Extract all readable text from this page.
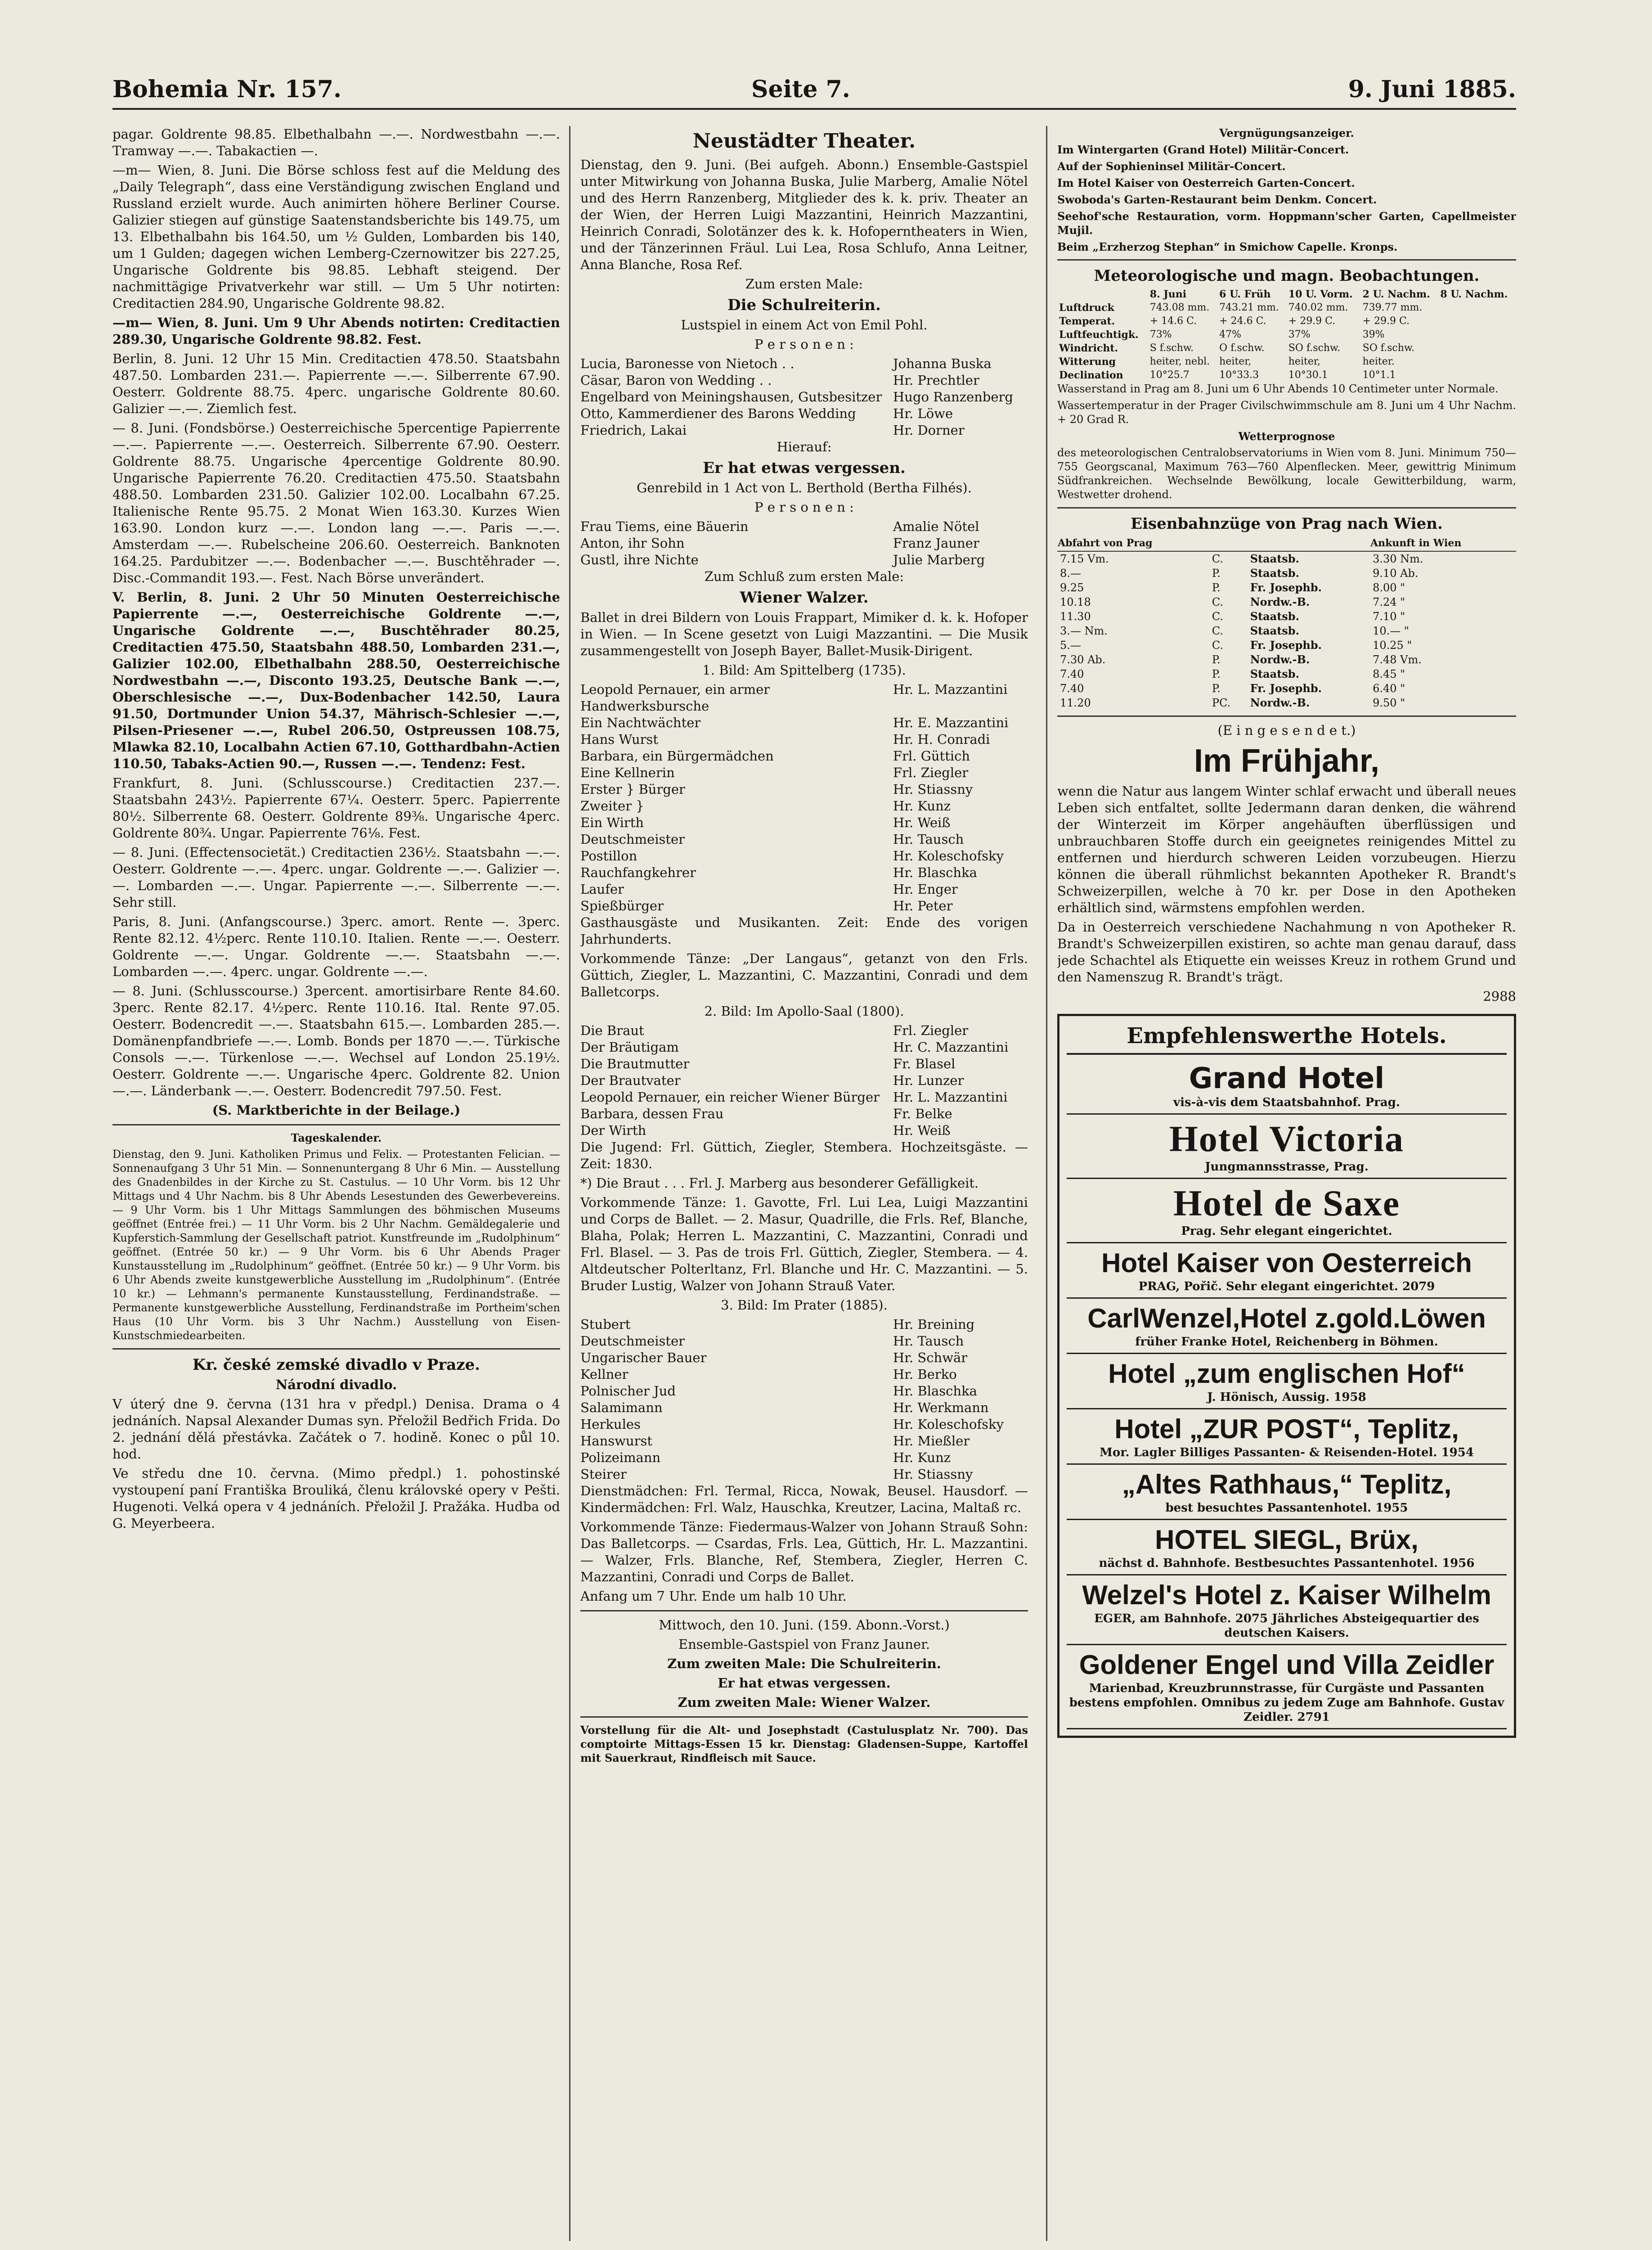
Bohemia Nr. 157.	Seite 7.	9. Juni 1885.

pagar. Goldrente 98.85. Elbethalbahn —.—. Nordwestbahn —.—. Tramway —.—. Tabakactien —.

—m— Wien, 8. Juni. Die Börse schloss fest auf die Meldung des „Daily Telegraph“, dass eine Verständigung zwischen England und Russland erzielt wurde. Auch animirten höhere Berliner Course. Galizier stiegen auf günstige Saatenstandsberichte bis 149.75, um 13. Elbethalbahn bis 164.50, um ½ Gulden, Lombarden bis 140, um 1 Gulden; dagegen wichen Lemberg-Czernowitzer bis 227.25, Ungarische Goldrente bis 98.85. Lebhaft steigend. Der nachmittägige Privatverkehr war still. — Um 5 Uhr notirten: Creditactien 284.90, Ungarische Goldrente 98.82.

—m— Wien, 8. Juni. Um 9 Uhr Abends notirten: Creditactien 289.30, Ungarische Goldrente 98.82. Fest.

Berlin, 8. Juni. 12 Uhr 15 Min. Creditactien 478.50. Staatsbahn 487.50. Lombarden 231.—. Papierrente —.—. Silberrente 67.90. Oesterr. Goldrente 88.75. 4perc. ungarische Goldrente 80.60. Galizier —.—. Ziemlich fest.

— 8. Juni. (Fondsbörse.) Oesterreichische 5percentige Papierrente —.—. Papierrente —.—. Oesterreich. Silberrente 67.90. Oesterr. Goldrente 88.75. Ungarische 4percentige Goldrente 80.90. Ungarische Papierrente 76.20. Creditactien 475.50. Staatsbahn 488.50. Lombarden 231.50. Galizier 102.00. Localbahn 67.25. Italienische Rente 95.75. 2 Monat Wien 163.30. Kurzes Wien 163.90. London kurz —.—. London lang —.—. Paris —.—. Amsterdam —.—. Rubelscheine 206.60. Oesterreich. Banknoten 164.25. Pardubitzer —.—. Bodenbacher —.—. Buschtěhrader —. Disc.-Commandit 193.—. Fest. Nach Börse unverändert.

V. Berlin, 8. Juni. 2 Uhr 50 Minuten Oesterreichische Papierrente —.—, Oesterreichische Goldrente —.—, Ungarische Goldrente —.—, Buschtěhrader 80.25, Creditactien 475.50, Staatsbahn 488.50, Lombarden 231.—, Galizier 102.00, Elbethalbahn 288.50, Oesterreichische Nordwestbahn —.—, Disconto 193.25, Deutsche Bank —.—, Oberschlesische —.—, Dux-Bodenbacher 142.50, Laura 91.50, Dortmunder Union 54.37, Mährisch-Schlesier —.—, Pilsen-Priesener —.—, Rubel 206.50, Ostpreussen 108.75, Mlawka 82.10, Localbahn Actien 67.10, Gotthardbahn-Actien 110.50, Tabaks-Actien 90.—, Russen —.—. Tendenz: Fest.

Frankfurt, 8. Juni. (Schlusscourse.) Creditactien 237.—. Staatsbahn 243½. Papierrente 67¼. Oesterr. 5perc. Papierrente 80½. Silberrente 68. Oesterr. Goldrente 89⅜. Ungarische 4perc. Goldrente 80¾. Ungar. Papierrente 76⅛. Fest.

— 8. Juni. (Effectensocietät.) Creditactien 236½. Staatsbahn —.—. Oesterr. Goldrente —.—. 4perc. ungar. Goldrente —.—. Galizier —.—. Lombarden —.—. Ungar. Papierrente —.—. Silberrente —.—. Sehr still.

Paris, 8. Juni. (Anfangscourse.) 3perc. amort. Rente —. 3perc. Rente 82.12. 4½perc. Rente 110.10. Italien. Rente —.—. Oesterr. Goldrente —.—. Ungar. Goldrente —.—. Staatsbahn —.—. Lombarden —.—. 4perc. ungar. Goldrente —.—.

— 8. Juni. (Schlusscourse.) 3percent. amortisirbare Rente 84.60. 3perc. Rente 82.17. 4½perc. Rente 110.16. Ital. Rente 97.05. Oesterr. Bodencredit —.—. Staatsbahn 615.—. Lombarden 285.—. Domänenpfandbriefe —.—. Lomb. Bonds per 1870 —.—. Türkische Consols —.—. Türkenlose —.—. Wechsel auf London 25.19½. Oesterr. Goldrente —.—. Ungarische 4perc. Goldrente 82. Union —.—. Länderbank —.—. Oesterr. Bodencredit 797.50. Fest.

(S. Marktberichte in der Beilage.)

Tageskalender.

Dienstag, den 9. Juni. Katholiken Primus und Felix. — Protestanten Felician. — Sonnenaufgang 3 Uhr 51 Min. — Sonnenuntergang 8 Uhr 6 Min. — Ausstellung des Gnadenbildes in der Kirche zu St. Castulus. — 10 Uhr Vorm. bis 12 Uhr Mittags und 4 Uhr Nachm. bis 8 Uhr Abends Lesestunden des Gewerbevereins. — 9 Uhr Vorm. bis 1 Uhr Mittags Sammlungen des böhmischen Museums geöffnet (Entrée frei.) — 11 Uhr Vorm. bis 2 Uhr Nachm. Gemäldegalerie und Kupferstich-Sammlung der Gesellschaft patriot. Kunstfreunde im „Rudolphinum“ geöffnet. (Entrée 50 kr.) — 9 Uhr Vorm. bis 6 Uhr Abends Prager Kunstausstellung im „Rudolphinum“ geöffnet. (Entrée 50 kr.) — 9 Uhr Vorm. bis 6 Uhr Abends zweite kunstgewerbliche Ausstellung im „Rudolphinum“. (Entrée 10 kr.) — Lehmann's permanente Kunstausstellung, Ferdinandstraße. — Permanente kunstgewerbliche Ausstellung, Ferdinandstraße im Portheim'schen Haus (10 Uhr Vorm. bis 3 Uhr Nachm.) Ausstellung von Eisen-Kunstschmiedearbeiten.

Kr. české zemské divadlo v Praze.

Národní divadlo.

V úterý dne 9. června (131 hra v předpl.) Denisa. Drama o 4 jednáních. Napsal Alexander Dumas syn. Přeložil Bedřich Frida. Do 2. jednání dělá přestávka. Začátek o 7. hodině. Konec o půl 10. hod.

Ve středu dne 10. června. (Mimo předpl.) 1. pohostinské vystoupení paní Františka Brouliká, členu královské opery v Pešti. Hugenoti. Velká opera v 4 jednáních. Přeložil J. Pražáka. Hudba od G. Meyerbeera.

Neustädter Theater.

Dienstag, den 9. Juni. (Bei aufgeh. Abonn.) Ensemble-Gastspiel unter Mitwirkung von Johanna Buska, Julie Marberg, Amalie Nötel und des Herrn Ranzenberg, Mitglieder des k. k. priv. Theater an der Wien, der Herren Luigi Mazzantini, Heinrich Mazzantini, Heinrich Conradi, Solotänzer des k. k. Hofoperntheaters in Wien, und der Tänzerinnen Fräul. Lui Lea, Rosa Schlufo, Anna Leitner, Anna Blanche, Rosa Ref.

Zum ersten Male:

Die Schulreiterin.

Lustspiel in einem Act von Emil Pohl.

P e r s o n e n :

Lucia, Baronesse von Nietoch . .	Johanna Buska
Cäsar, Baron von Wedding . .	Hr. Prechtler
Engelbard von Meiningshausen, Gutsbesitzer Hugo Ranzenberg
Otto, Kammerdiener des Barons Wedding	Hr. Löwe
Friedrich, Lakai	Hr. Dorner

Hierauf:

Er hat etwas vergessen.

Genrebild in 1 Act von L. Berthold (Bertha Filhés).

P e r s o n e n :

Frau Tiems, eine Bäuerin	Amalie Nötel
Anton, ihr Sohn	Franz Jauner
Gustl, ihre Nichte	Julie Marberg

Zum Schluß zum ersten Male:

Wiener Walzer.

Ballet in drei Bildern von Louis Frappart, Mimiker d. k. k. Hofoper in Wien. — In Scene gesetzt von Luigi Mazzantini. — Die Musik zusammengestellt von Joseph Bayer, Ballet-Musik-Dirigent.

1. Bild: Am Spittelberg (1735).

Leopold Pernauer, ein armer Handwerksbursche
Hr. L. Mazzantini
Ein Nachtwächter	Hr. E. Mazzantini
Hans Wurst	Hr. H. Conradi
Barbara, ein Bürgermädchen	Frl. Güttich
Eine Kellnerin	Frl. Ziegler
Erster } Bürger	Hr. Stiassny
Zweiter }	Hr. Kunz
Ein Wirth	Hr. Weiß
Deutschmeister	Hr. Tausch
Postillon	Hr. Koleschofsky
Rauchfangkehrer	Hr. Blaschka
Laufer	Hr. Enger
Spießbürger	Hr. Peter

Gasthausgäste und Musikanten. Zeit: Ende des vorigen Jahrhunderts.

Vorkommende Tänze: „Der Langaus“, getanzt von den Frls. Güttich, Ziegler, L. Mazzantini, C. Mazzantini, Conradi und dem Balletcorps.

2. Bild: Im Apollo-Saal (1800).

Die Braut	Frl. Ziegler
Der Bräutigam	Hr. C. Mazzantini
Die Brautmutter	Fr. Blasel
Der Brautvater	Hr. Lunzer
Leopold Pernauer, ein reicher Wiener Bürger	Hr. L. Mazzantini
Barbara, dessen Frau	Fr. Belke
Der Wirth	Hr. Weiß

Die Jugend: Frl. Güttich, Ziegler, Stembera. Hochzeitsgäste. — Zeit: 1830.

*) Die Braut . . . Frl. J. Marberg aus besonderer Gefälligkeit.

Vorkommende Tänze: 1. Gavotte, Frl. Lui Lea, Luigi Mazzantini und Corps de Ballet. — 2. Masur, Quadrille, die Frls. Ref, Blanche, Blaha, Polak; Herren L. Mazzantini, C. Mazzantini, Conradi und Frl. Blasel. — 3. Pas de trois Frl. Güttich, Ziegler, Stembera. — 4. Altdeutscher Polterltanz, Frl. Blanche und Hr. C. Mazzantini. — 5. Bruder Lustig, Walzer von Johann Strauß Vater.

3. Bild: Im Prater (1885).

Stubert	Hr. Breining
Deutschmeister	Hr. Tausch
Ungarischer Bauer	Hr. Schwär
Kellner	Hr. Berko
Polnischer Jud	Hr. Blaschka
Salamimann	Hr. Werkmann
Herkules	Hr. Koleschofsky
Hanswurst	Hr. Mießler
Polizeimann	Hr. Kunz
Steirer	Hr. Stiassny

Dienstmädchen: Frl. Termal, Ricca, Nowak, Beusel. Hausdorf. — Kindermädchen: Frl. Walz, Hauschka, Kreutzer, Lacina, Maltaß rc.

Vorkommende Tänze: Fiedermaus-Walzer von Johann Strauß Sohn: Das Balletcorps. — Csardas, Frls. Lea, Güttich, Hr. L. Mazzantini. — Walzer, Frls. Blanche, Ref, Stembera, Ziegler, Herren C. Mazzantini, Conradi und Corps de Ballet.

Anfang um 7 Uhr. Ende um halb 10 Uhr.

Mittwoch, den 10. Juni. (159. Abonn.-Vorst.)

Ensemble-Gastspiel von Franz Jauner.

Zum zweiten Male: Die Schulreiterin.

Er hat etwas vergessen.

Zum zweiten Male: Wiener Walzer.

Vorstellung für die Alt- und Josephstadt (Castulusplatz Nr. 700). Das comptoirte Mittags-Essen 15 kr. Dienstag: Gladensen-Suppe, Kartoffel mit Sauerkraut, Rindfleisch mit Sauce.

Vergnügungsanzeiger.

Im Wintergarten (Grand Hotel) Militär-Concert.

Auf der Sophieninsel Militär-Concert.

Im Hotel Kaiser von Oesterreich Garten-Concert.

Swoboda's Garten-Restaurant beim Denkm. Concert.

Seehof'sche Restauration, vorm. Hoppmann'scher Garten, Capellmeister Mujil.

Beim „Erzherzog Stephan“ in Smichow Capelle. Kronps.

Meteorologische und magn. Beobachtungen.

	8. Juni	6 U. Früh	10 U. Vorm.	2 U. Nachm.	8 U. Nachm.
Luftdruck	743.08 mm.	743.21 mm.	740.02 mm.	739.77 mm.	
Temperat.	+ 14.6 C.	+ 24.6 C.	+ 29.9 C.	+ 29.9 C.	
Luftfeuchtigk.	73%	47%	37%	39%	
Windricht.	S f.schw.	O f.schw.	SO f.schw.	SO f.schw.	
Witterung	heiter, nebl.	heiter,	heiter,	heiter.	
Declination	10°25.7	10°33.3	10°30.1	10°1.1	

Wasserstand in Prag am 8. Juni um 6 Uhr Abends 10 Centimeter unter Normale.

Wassertemperatur in der Prager Civilschwimmschule am 8. Juni um 4 Uhr Nachm. + 20 Grad R.

Wetterprognose

des meteorologischen Centralobservatoriums in Wien vom 8. Juni. Minimum 750—755 Georgscanal, Maximum 763—760 Alpenflecken. Meer, gewittrig Minimum Südfrankreichen. Wechselnde Bewölkung, locale Gewitterbildung, warm, Westwetter drohend.

Eisenbahnzüge von Prag nach Wien.

Abfahrt von Prag			Ankunft in Wien
7.15 Vm.	C.	Staatsb.	3.30 Nm.
8.—	P.	Staatsb.	9.10 Ab.
9.25	P.	Fr. Josephb.	8.00 "
10.18	C.	Nordw.-B.	7.24 "
11.30	C.	Staatsb.	7.10 "
3.— Nm.	C.	Staatsb.	10.— "
5.—	C.	Fr. Josephb.	10.25 "
7.30 Ab.	P.	Nordw.-B.	7.48 Vm.
7.40	P.	Staatsb.	8.45 "
7.40	P.	Fr. Josephb.	6.40 "
11.20	PC.	Nordw.-B.	9.50 "

(E i n g e s e n d e t.)

Im Frühjahr,

wenn die Natur aus langem Winter schlaf erwacht und überall neues Leben sich entfaltet, sollte Jedermann daran denken, die während der Winterzeit im Körper angehäuften überflüssigen und unbrauchbaren Stoffe durch ein geeignetes reinigendes Mittel zu entfernen und hierdurch schweren Leiden vorzubeugen. Hierzu können die überall rühmlichst bekannten Apotheker R. Brandt's Schweizerpillen, welche à 70 kr. per Dose in den Apotheken erhältlich sind, wärmstens empfohlen werden.

Da in Oesterreich verschiedene Nachahmung n von Apotheker R. Brandt's Schweizerpillen existiren, so achte man genau darauf, dass jede Schachtel als Etiquette ein weisses Kreuz in rothem Grund und den Namenszug R. Brandt's trägt.

2988

Empfehlenswerthe Hotels.
Grand Hotel
vis-à-vis dem Staatsbahnhof. Prag.
Hotel Victoria
Jungmannsstrasse, Prag.
Hotel de Saxe
Prag. Sehr elegant eingerichtet.
Hotel Kaiser von Oesterreich
PRAG, Pořič. Sehr elegant eingerichtet. 2079
CarlWenzel,Hotel z.gold.Löwen
früher Franke Hotel, Reichenberg in Böhmen.
Hotel „zum englischen Hof“
J. Hönisch, Aussig. 1958
Hotel „ZUR POST“, Teplitz,
Mor. Lagler Billiges Passanten- & Reisenden-Hotel. 1954
„Altes Rathhaus,“ Teplitz,
best besuchtes Passantenhotel. 1955
HOTEL SIEGL, Brüx,
nächst d. Bahnhofe. Bestbesuchtes Passantenhotel. 1956
Welzel's Hotel z. Kaiser Wilhelm
EGER, am Bahnhofe. 2075 Jährliches Absteigequartier des deutschen Kaisers.
Goldener Engel und Villa Zeidler
Marienbad, Kreuzbrunnstrasse, für Curgäste und Passanten bestens empfohlen. Omnibus zu jedem Zuge am Bahnhofe. Gustav Zeidler. 2791
